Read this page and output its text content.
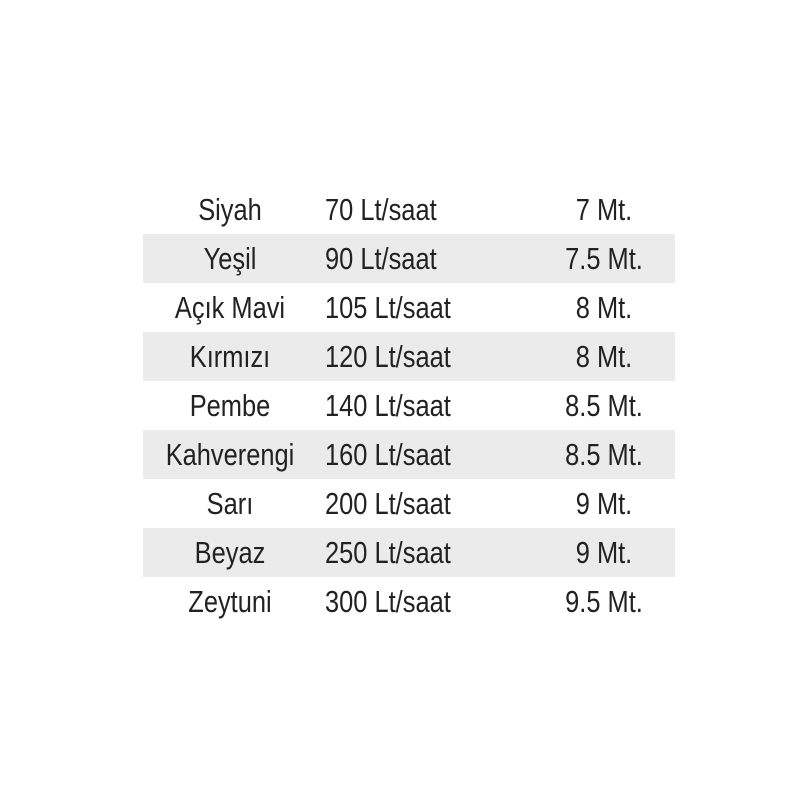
Siyah	70 Lt/saat	7 Mt.
Yeşil	90 Lt/saat	7.5 Mt.
Açık Mavi	105 Lt/saat	8 Mt.
Kırmızı	120 Lt/saat	8 Mt.
Pembe	140 Lt/saat	8.5 Mt.
Kahverengi 160 Lt/saat	8.5 Mt.
Sarı	200 Lt/saat	9 Mt.
Beyaz	250 Lt/saat	9 Mt.
Zeytuni	300 Lt/saat	9.5 Mt.
